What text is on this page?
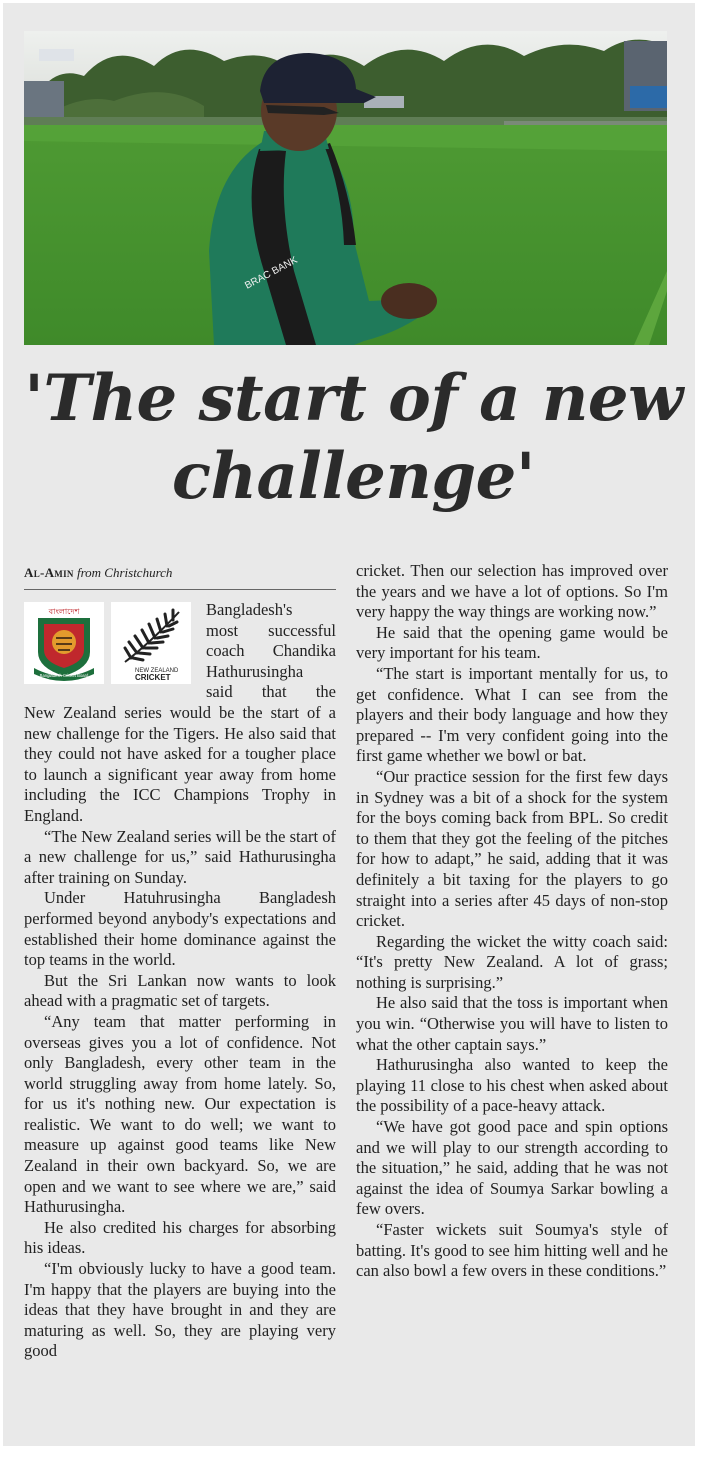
BRAC BANK
'The start of a new
challenge'
Al-Amin from Christchurch
বাংলাদেশ
Bangladesh Cricket Board
NEW ZEALAND
CRICKET

Bangladesh's

most successful

coach Chandika

Hathurusingha

said that the

New Zealand series would be the start of a new challenge for the Tigers. He also said that they could not have asked for a tougher place to launch a significant year away from home including the ICC Champions Trophy in England.

“The New Zealand series will be the start of a new challenge for us,” said Hathurusingha after training on Sunday.

Under Hatuhrusingha Bangladesh performed beyond anybody's expectations and established their home dominance against the top teams in the world.

But the Sri Lankan now wants to look ahead with a pragmatic set of targets.

“Any team that matter performing in overseas gives you a lot of confidence. Not only Bangladesh, every other team in the world struggling away from home lately. So, for us it's nothing new. Our expectation is realistic. We want to do well; we want to measure up against good teams like New Zealand in their own backyard. So, we are open and we want to see where we are,” said Hathurusingha.

He also credited his charges for absorbing his ideas.

“I'm obviously lucky to have a good team. I'm happy that the players are buying into the ideas that they have brought in and they are maturing as well. So, they are playing very good

cricket. Then our selection has improved over the years and we have a lot of options. So I'm very happy the way things are working now.”

He said that the opening game would be very important for his team.

“The start is important mentally for us, to get confidence. What I can see from the players and their body language and how they prepared -- I'm very confident going into the first game whether we bowl or bat.

“Our practice session for the first few days in Sydney was a bit of a shock for the system for the boys coming back from BPL. So credit to them that they got the feeling of the pitches for how to adapt,” he said, adding that it was definitely a bit taxing for the players to go straight into a series after 45 days of non-stop cricket.

Regarding the wicket the witty coach said: “It's pretty New Zealand. A lot of grass; nothing is surprising.”

He also said that the toss is important when you win. “Otherwise you will have to listen to what the other captain says.”

Hathurusingha also wanted to keep the playing 11 close to his chest when asked about the possibility of a pace-heavy attack.

“We have got good pace and spin options and we will play to our strength according to the situation,” he said, adding that he was not against the idea of Soumya Sarkar bowling a few overs.

“Faster wickets suit Soumya's style of batting. It's good to see him hitting well and he can also bowl a few overs in these conditions.”
